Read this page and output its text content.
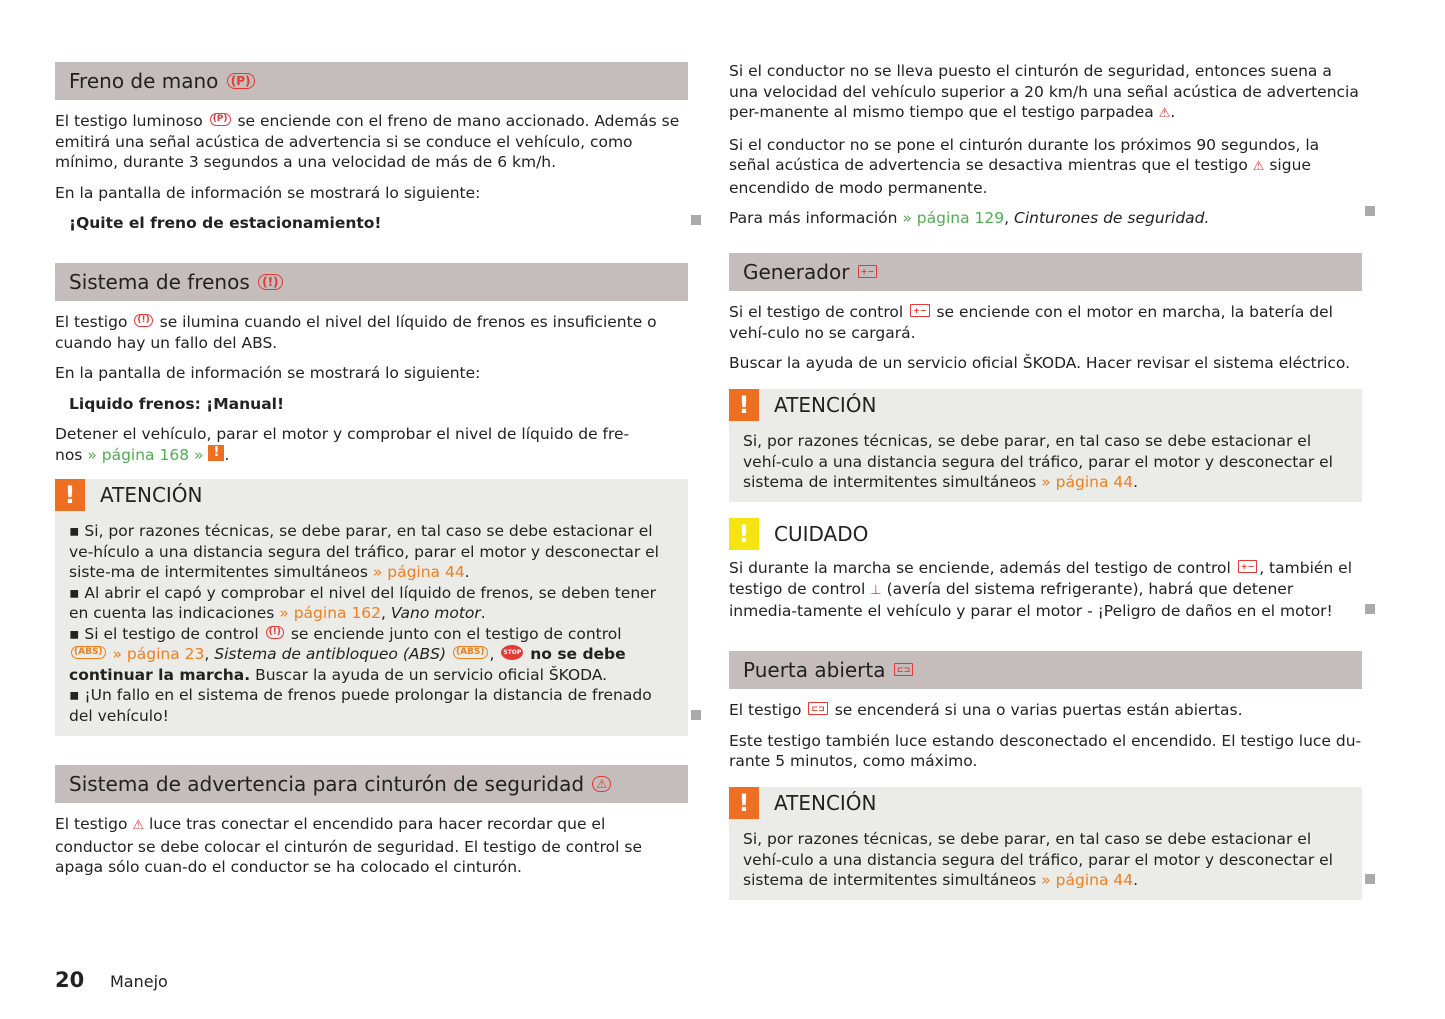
Freno de mano (P)

El testigo luminoso (P) se enciende con el freno de mano accionado. Además se emitirá una señal acústica de advertencia si se conduce el vehículo, como mínimo, durante 3 segundos a una velocidad de más de 6 km/h.

En la pantalla de información se mostrará lo siguiente:

¡Quite el freno de estacionamiento!

Sistema de frenos (!)

El testigo (!) se ilumina cuando el nivel del líquido de frenos es insuficiente o cuando hay un fallo del ABS.

En la pantalla de información se mostrará lo siguiente:

Liquido frenos: ¡Manual!

Detener el vehículo, parar el motor y comprobar el nivel de líquido de fre-
nos » página 168 » ! .

!	ATENCIÓN

▪ Si, por razones técnicas, se debe parar, en tal caso se debe estacionar el ve-hículo a una distancia segura del tráfico, parar el motor y desconectar el siste-ma de intermitentes simultáneos » página 44.

▪ Al abrir el capó y comprobar el nivel del líquido de frenos, se deben tener en cuenta las indicaciones » página 162, Vano motor.

▪ Si el testigo de control (!) se enciende junto con el testigo de control
(ABS) » página 23, Sistema de antibloqueo (ABS) (ABS) , STOP no se debe continuar la marcha. Buscar la ayuda de un servicio oficial ŠKODA.

▪ ¡Un fallo en el sistema de frenos puede prolongar la distancia de frenado del vehículo!

Sistema de advertencia para cinturón de seguridad ⚠

El testigo ⚠ luce tras conectar el encendido para hacer recordar que el conductor se debe colocar el cinturón de seguridad. El testigo de control se apaga sólo cuan-do el conductor se ha colocado el cinturón.

Si el conductor no se lleva puesto el cinturón de seguridad, entonces suena a una velocidad del vehículo superior a 20 km/h una señal acústica de advertencia per-manente al mismo tiempo que el testigo parpadea ⚠.

Si el conductor no se pone el cinturón durante los próximos 90 segundos, la señal acústica de advertencia se desactiva mientras que el testigo ⚠ sigue encendido de modo permanente.

Para más información » página 129, Cinturones de seguridad.

Generador +−

Si el testigo de control +− se enciende con el motor en marcha, la batería del vehí-culo no se cargará.

Buscar la ayuda de un servicio oficial ŠKODA. Hacer revisar el sistema eléctrico.

!	ATENCIÓN

Si, por razones técnicas, se debe parar, en tal caso se debe estacionar el vehí-culo a una distancia segura del tráfico, parar el motor y desconectar el sistema de intermitentes simultáneos » página 44.

!	CUIDADO

Si durante la marcha se enciende, además del testigo de control +− , también el testigo de control ⊥ (avería del sistema refrigerante), habrá que detener inmedia-tamente el vehículo y parar el motor - ¡Peligro de daños en el motor!

Puerta abierta ⊏⊐

El testigo ⊏⊐ se encenderá si una o varias puertas están abiertas.

Este testigo también luce estando desconectado el encendido. El testigo luce du-rante 5 minutos, como máximo.

!	ATENCIÓN

Si, por razones técnicas, se debe parar, en tal caso se debe estacionar el vehí-culo a una distancia segura del tráfico, parar el motor y desconectar el sistema de intermitentes simultáneos » página 44.

20 Manejo
